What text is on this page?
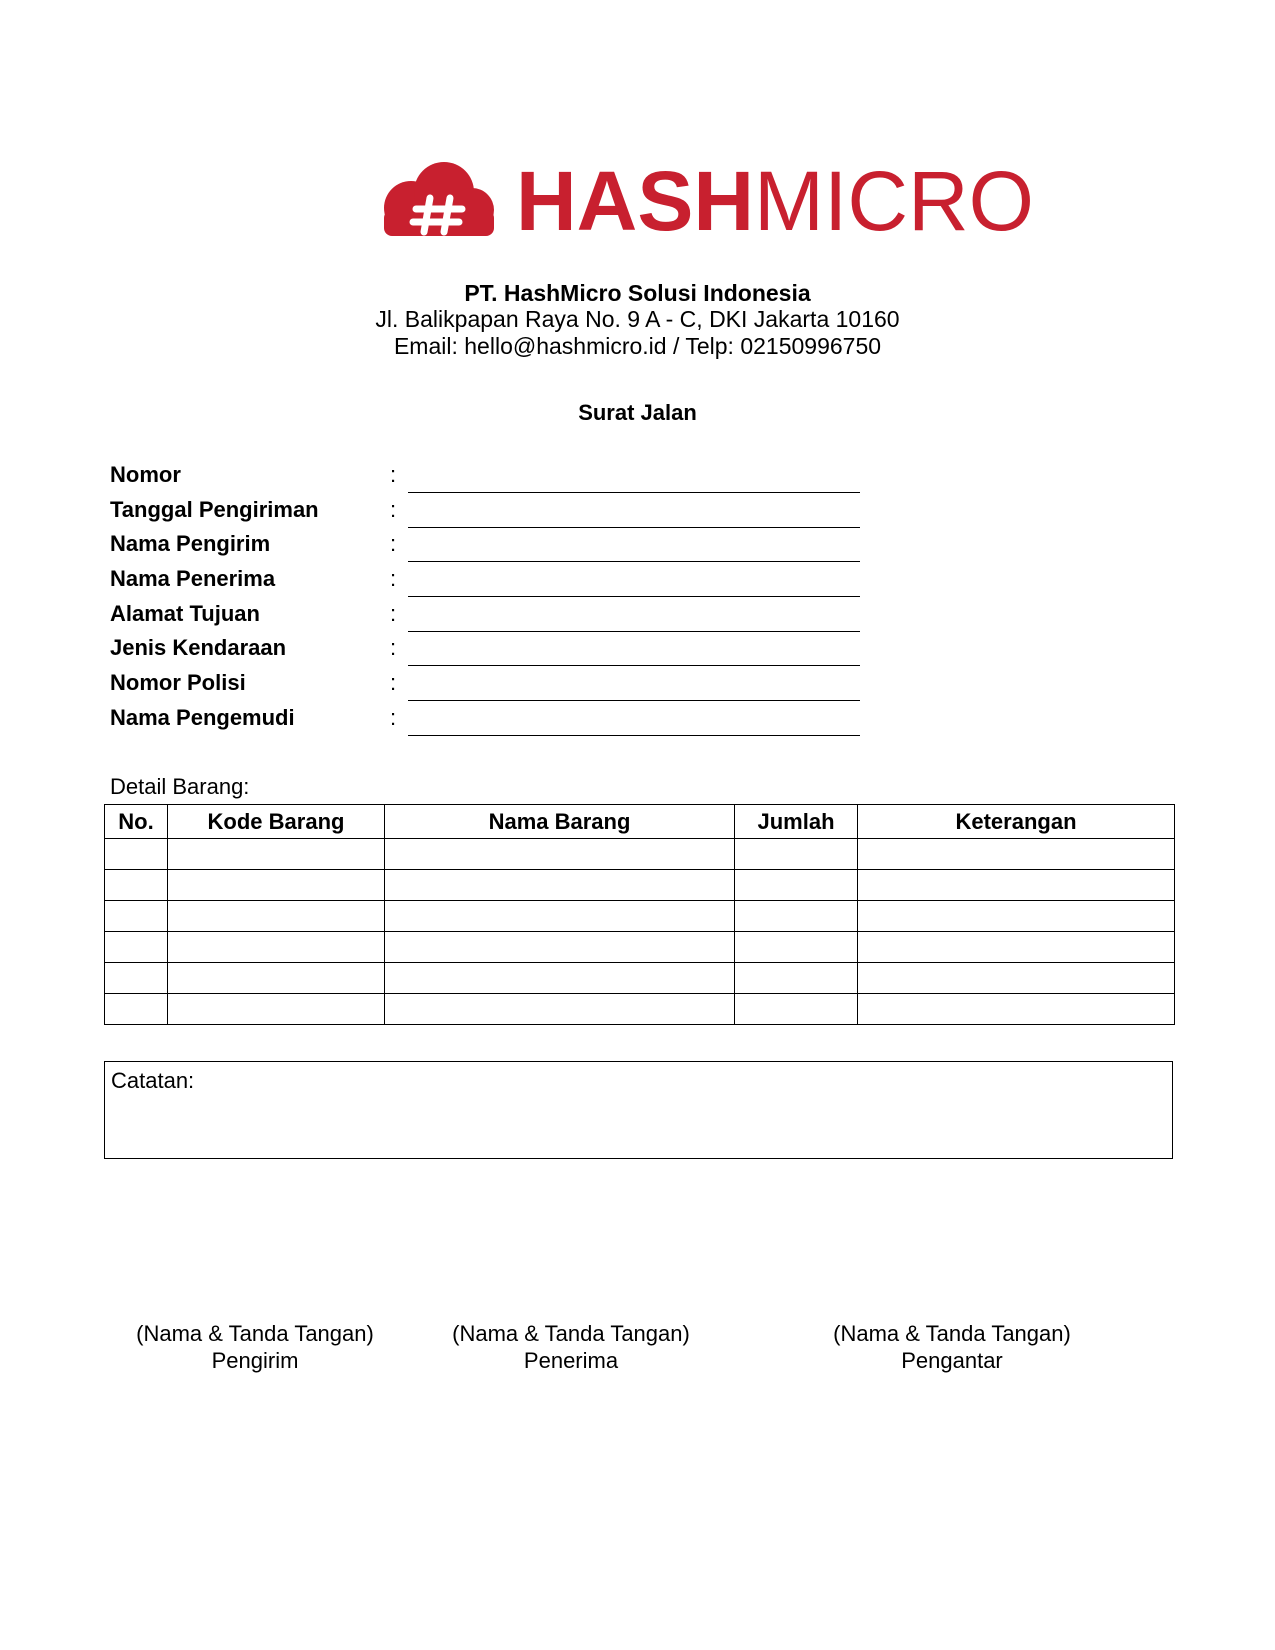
HASHMICRO
PT. HashMicro Solusi Indonesia
Jl. Balikpapan Raya No. 9 A - C, DKI Jakarta 10160
Email: hello@hashmicro.id / Telp: 02150996750
Surat Jalan
Nomor	:
Tanggal Pengiriman	:
Nama Pengirim	:
Nama Penerima	:
Alamat Tujuan	:
Jenis Kendaraan	:
Nomor Polisi	:
Nama Pengemudi	:
Detail Barang:
No.	Kode Barang	Nama Barang	Jumlah	Keterangan

Catatan:
(Nama & Tanda Tangan)
Pengirim
(Nama & Tanda Tangan)
Penerima
(Nama & Tanda Tangan)
Pengantar
